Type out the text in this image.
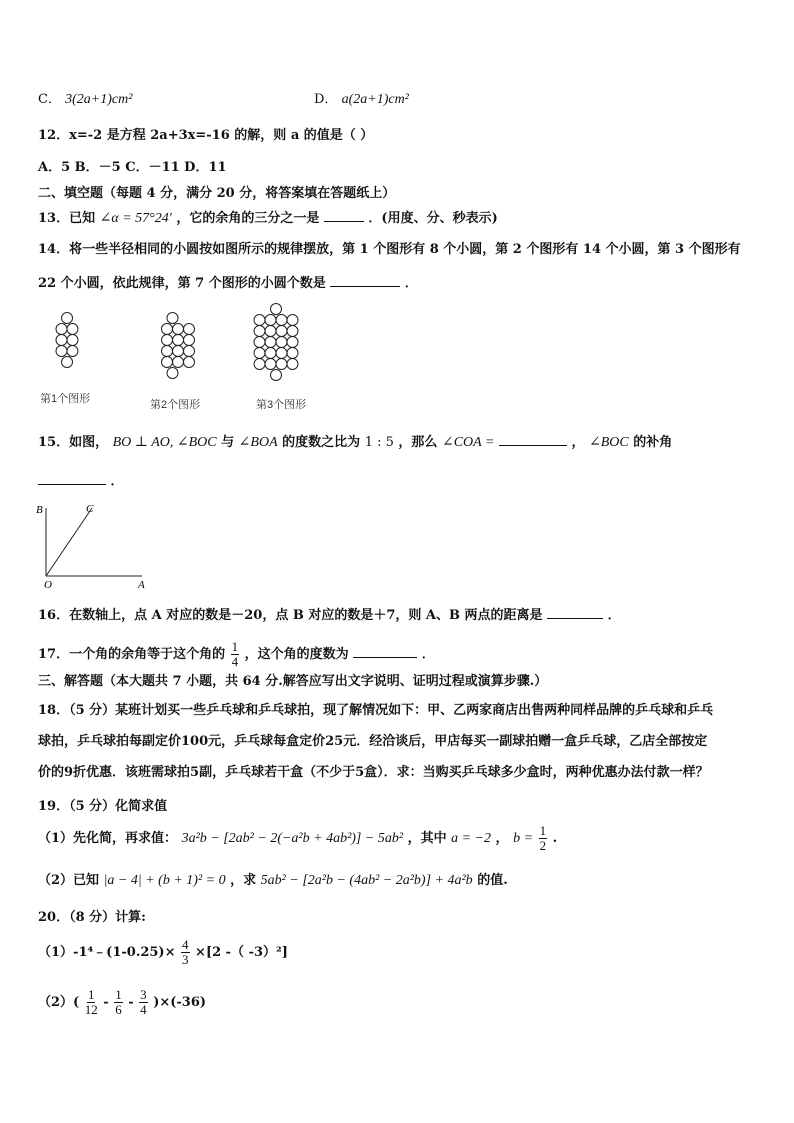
C． 3(2a+1)cm²	D． a(2a+1)cm²
12．x=-2 是方程 2a+3x=-16 的解，则 a 的值是（ ）
A．5 B．－5 C．－11 D．11
二、填空题（每题 4 分，满分 20 分，将答案填在答题纸上）
13．已知 ∠α = 57°24′ ，它的余角的三分之一是	．(用度、分、秒表示)
14．将一些半径相同的小圆按如图所示的规律摆放，第 1 个图形有 8 个小圆，第 2 个图形有 14 个小圆，第 3 个图形有
22 个小圆，依此规律，第 7 个图形的小圆个数是	．
第1个图形	第2个图形	第3个图形
15．如图， BO ⊥ AO, ∠BOC 与 ∠BOA 的度数之比为 1 : 5 ，那么 ∠COA =	， ∠BOC 的补角
．
B	C
O	A
16．在数轴上，点 A 对应的数是－20，点 B 对应的数是＋7，则 A、B 两点的距离是	．
17．一个角的余角等于这个角的 $\frac{1}{4}$ ，这个角的度数为	．
三、解答题（本大题共 7 小题，共 64 分.解答应写出文字说明、证明过程或演算步骤.）
18．（5 分）某班计划买一些乒乓球和乒乓球拍，现了解情况如下：甲、乙两家商店出售两种同样品牌的乒乓球和乒乓
球拍，乒乓球拍每副定价100元，乒乓球每盒定价25元．经洽谈后，甲店每买一副球拍赠一盒乒乓球，乙店全部按定
价的9折优惠．该班需球拍5副，乒乓球若干盒（不少于5盒）．求：当购买乒乓球多少盒时，两种优惠办法付款一样？
19．（5 分）化简求值
（1）先化简，再求值： 3a²b − [2ab² − 2(−a²b + 4ab²)] − 5ab² ，其中 a = −2 ， $b = \frac{1}{2}$ .
（2）已知 |a − 4| + (b + 1)² = 0 ，求 5ab² − [2a²b − (4ab² − 2a²b)] + 4a²b 的值.
20．（8 分）计算:
（1）-1⁴﹣(1-0.25)× $\frac{4}{3} \times[2$ -（ -3）²]
$(2)( \frac{1}{12} - \frac{1}{6} - \frac{3}{4} )\times(-36)$
